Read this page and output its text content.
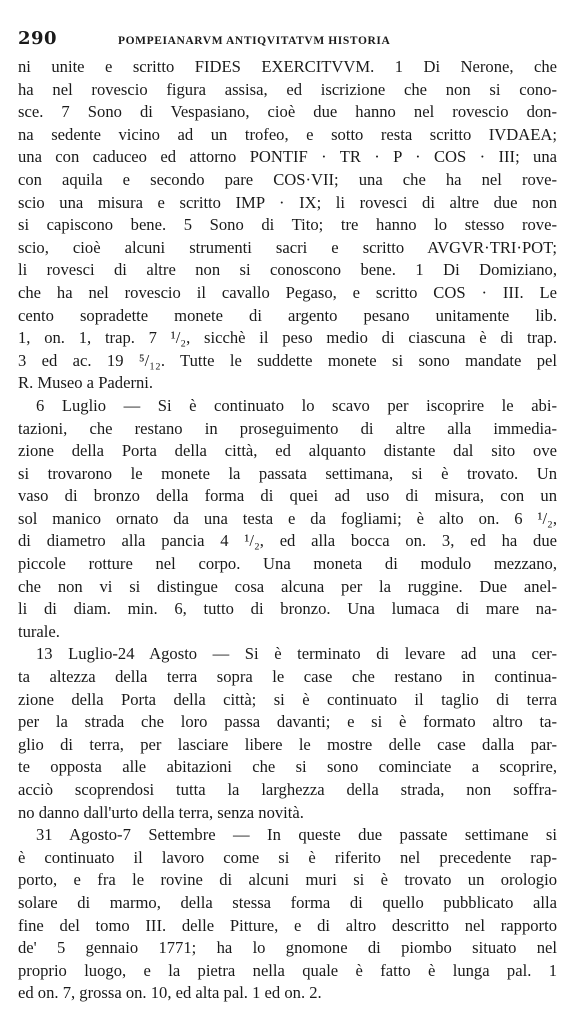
290	POMPEIANARVM ANTIQVITATVM HISTORIA
ni unite e scritto FIDES EXERCITVVM. 1 Di Nerone, che
ha nel rovescio figura assisa, ed iscrizione che non si cono-
sce. 7 Sono di Vespasiano, cioè due hanno nel rovescio don-
na sedente vicino ad un trofeo, e sotto resta scritto IVDAEA;
una con caduceo ed attorno PONTIF · TR · P · COS · III; una
con aquila e secondo pare COS·VII; una che ha nel rove-
scio una misura e scritto IMP · IX; li rovesci di altre due non
si capiscono bene. 5 Sono di Tito; tre hanno lo stesso rove-
scio, cioè alcuni strumenti sacri e scritto AVGVR·TRI·POT;
li rovesci di altre non si conoscono bene. 1 Di Domiziano,
che ha nel rovescio il cavallo Pegaso, e scritto COS · III. Le
cento sopradette monete di argento pesano unitamente lib.
1, on. 1, trap. 7 ¹/₂, sicchè il peso medio di ciascuna è di trap.
3 ed ac. 19 ⁵/₁₂. Tutte le suddette monete si sono mandate pel
R. Museo a Paderni.
6 Luglio — Si è continuato lo scavo per iscoprire le abi-
tazioni, che restano in proseguimento di altre alla immedia-
zione della Porta della città, ed alquanto distante dal sito ove
si trovarono le monete la passata settimana, si è trovato. Un
vaso di bronzo della forma di quei ad uso di misura, con un
sol manico ornato da una testa e da fogliami; è alto on. 6 ¹/₂,
di diametro alla pancia 4 ¹/₂, ed alla bocca on. 3, ed ha due
piccole rotture nel corpo. Una moneta di modulo mezzano,
che non vi si distingue cosa alcuna per la ruggine. Due anel-
li di diam. min. 6, tutto di bronzo. Una lumaca di mare na-
turale.
13 Luglio-24 Agosto — Si è terminato di levare ad una cer-
ta altezza della terra sopra le case che restano in continua-
zione della Porta della città; si è continuato il taglio di terra
per la strada che loro passa davanti; e si è formato altro ta-
glio di terra, per lasciare libere le mostre delle case dalla par-
te opposta alle abitazioni che si sono cominciate a scoprire,
acciò scoprendosi tutta la larghezza della strada, non soffra-
no danno dall'urto della terra, senza novità.
31 Agosto-7 Settembre — In queste due passate settimane si
è continuato il lavoro come si è riferito nel precedente rap-
porto, e fra le rovine di alcuni muri si è trovato un orologio
solare di marmo, della stessa forma di quello pubblicato alla
fine del tomo III. delle Pitture, e di altro descritto nel rapporto
de' 5 gennaio 1771; ha lo gnomone di piombo situato nel
proprio luogo, e la pietra nella quale è fatto è lunga pal. 1
ed on. 7, grossa on. 10, ed alta pal. 1 ed on. 2.
